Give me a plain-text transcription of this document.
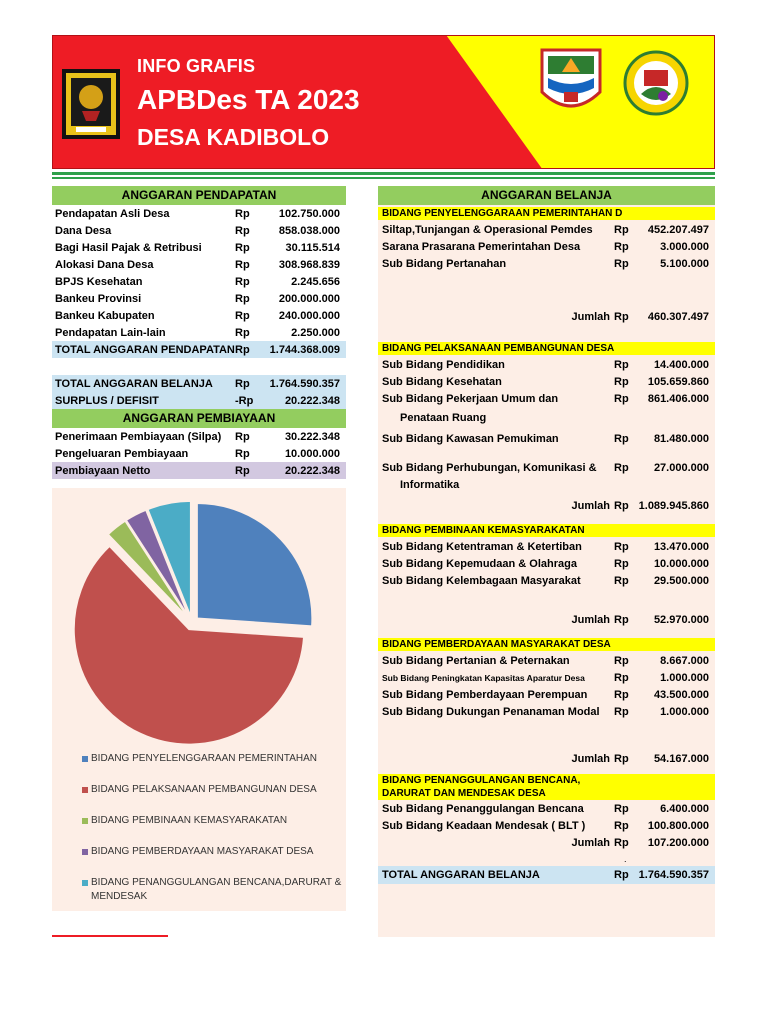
INFO GRAFIS
APBDes TA 2023
DESA KADIBOLO
ANGGARAN PENDAPATAN
Pendapatan Asli Desa	Rp	102.750.000
Dana Desa	Rp	858.038.000
Bagi Hasil Pajak & Retribusi	Rp	30.115.514
Alokasi Dana Desa	Rp	308.968.839
BPJS Kesehatan	Rp	2.245.656
Bankeu Provinsi	Rp	200.000.000
Bankeu Kabupaten	Rp	240.000.000
Pendapatan Lain-lain	Rp	2.250.000
TOTAL ANGGARAN PENDAPATAN Rp	1.744.368.009
TOTAL ANGGARAN BELANJA	Rp	1.764.590.357
SURPLUS / DEFISIT	-Rp	20.222.348
ANGGARAN PEMBIAYAAN
Penerimaan Pembiayaan (Silpa)	Rp	30.222.348
Pengeluaran Pembiayaan	Rp	10.000.000
Pembiayaan Netto	Rp	20.222.348
BIDANG PENYELENGGARAAN PEMERINTAHAN
BIDANG PELAKSANAAN PEMBANGUNAN DESA
BIDANG PEMBINAAN KEMASYARAKATAN
BIDANG PEMBERDAYAAN MASYARAKAT DESA
BIDANG PENANGGULANGAN BENCANA,DARURAT & MENDESAK
ANGGARAN BELANJA
BIDANG PENYELENGGARAAN PEMERINTAHAN D
Siltap,Tunjangan & Operasional Pemdes	Rp	452.207.497
Sarana Prasarana Pemerintahan Desa	Rp	3.000.000
Sub Bidang Pertanahan	Rp	5.100.000
Jumlah Rp	460.307.497
BIDANG PELAKSANAAN PEMBANGUNAN DESA
Sub Bidang Pendidikan	Rp	14.400.000
Sub Bidang Kesehatan	Rp	105.659.860
Sub Bidang Pekerjaan Umum dan	Rp	861.406.000
Penataan Ruang
Sub Bidang Kawasan Pemukiman	Rp	81.480.000
Sub Bidang Perhubungan, Komunikasi &	Rp	27.000.000
Informatika
Jumlah Rp 1.089.945.860
BIDANG PEMBINAAN KEMASYARAKATAN
Sub Bidang Ketentraman & Ketertiban	Rp	13.470.000
Sub Bidang Kepemudaan & Olahraga	Rp	10.000.000
Sub Bidang Kelembagaan Masyarakat	Rp	29.500.000
Jumlah Rp	52.970.000
BIDANG PEMBERDAYAAN MASYARAKAT DESA
Sub Bidang Pertanian & Peternakan	Rp	8.667.000
Sub Bidang Peningkatan Kapasitas Aparatur Desa	Rp	1.000.000
Sub Bidang Pemberdayaan Perempuan	Rp	43.500.000
Sub Bidang Dukungan Penanaman Modal	Rp	1.000.000
Jumlah Rp	54.167.000
BIDANG PENANGGULANGAN BENCANA,
DARURAT DAN MENDESAK DESA
Sub Bidang Penanggulangan Bencana	Rp	6.400.000
Sub Bidang Keadaan Mendesak ( BLT )	Rp	100.800.000
Jumlah Rp	107.200.000
.
TOTAL ANGGARAN BELANJA	Rp 1.764.590.357
